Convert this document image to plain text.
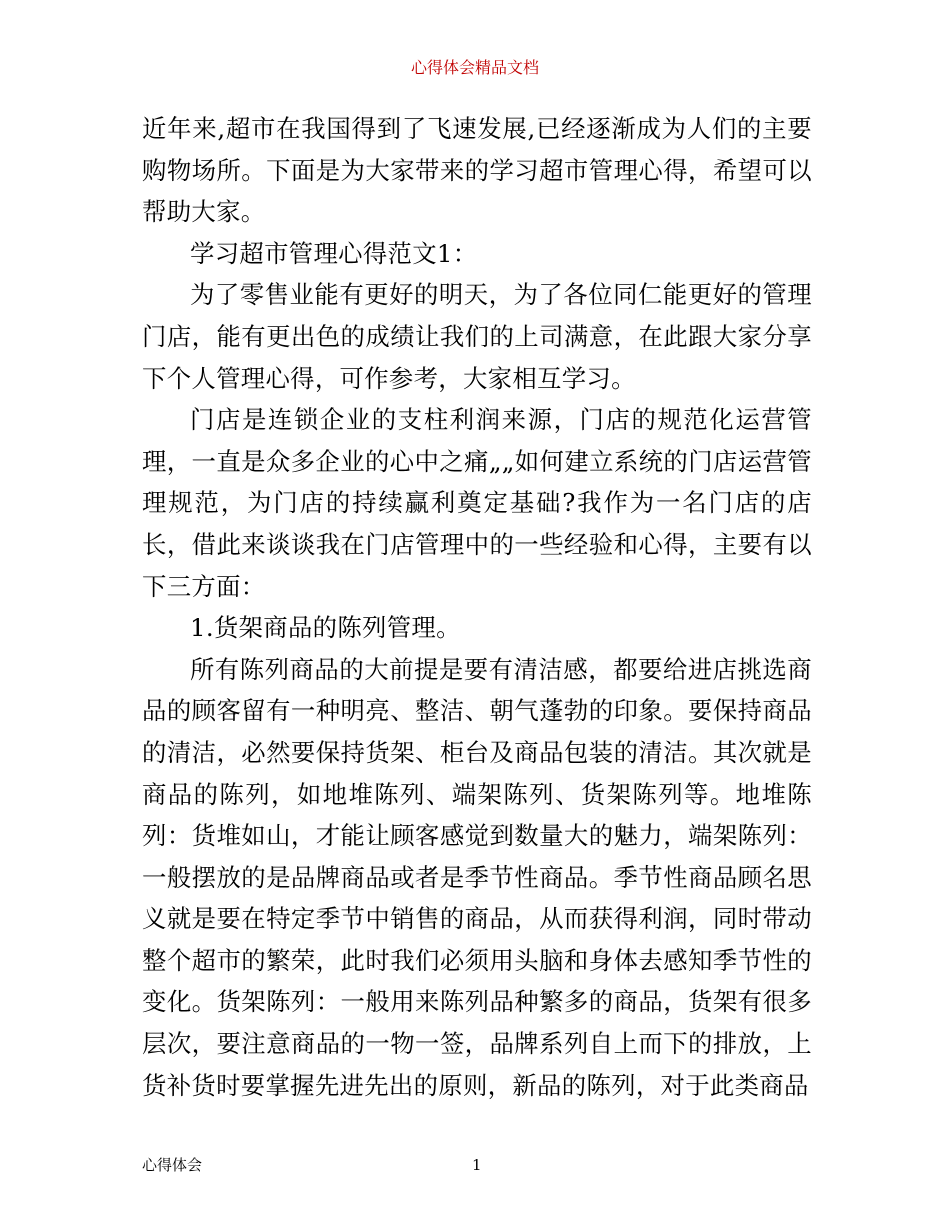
心得体会精品文档

近年来,超市在我国得到了飞速发展,已经逐渐成为人们的主要购物场所。下面是为大家带来的学习超市管理心得，希望可以帮助大家。

学习超市管理心得范文1：

为了零售业能有更好的明天，为了各位同仁能更好的管理门店，能有更出色的成绩让我们的上司满意，在此跟大家分享下个人管理心得，可作参考，大家相互学习。

门店是连锁企业的支柱利润来源，门店的规范化运营管理，一直是众多企业的心中之痛„„如何建立系统的门店运营管理规范，为门店的持续赢利奠定基础?我作为一名门店的店长，借此来谈谈我在门店管理中的一些经验和心得，主要有以下三方面：

1.货架商品的陈列管理。

所有陈列商品的大前提是要有清洁感，都要给进店挑选商品的顾客留有一种明亮、整洁、朝气蓬勃的印象。要保持商品的清洁，必然要保持货架、柜台及商品包装的清洁。其次就是商品的陈列，如地堆陈列、端架陈列、货架陈列等。地堆陈列：货堆如山，才能让顾客感觉到数量大的魅力，端架陈列：一般摆放的是品牌商品或者是季节性商品。季节性商品顾名思义就是要在特定季节中销售的商品，从而获得利润，同时带动整个超市的繁荣，此时我们必须用头脑和身体去感知季节性的变化。货架陈列：一般用来陈列品种繁多的商品，货架有很多层次，要注意商品的一物一签，品牌系列自上而下的排放，上货补货时要掌握先进先出的原则，新品的陈列，对于此类商品

心得体会	1
